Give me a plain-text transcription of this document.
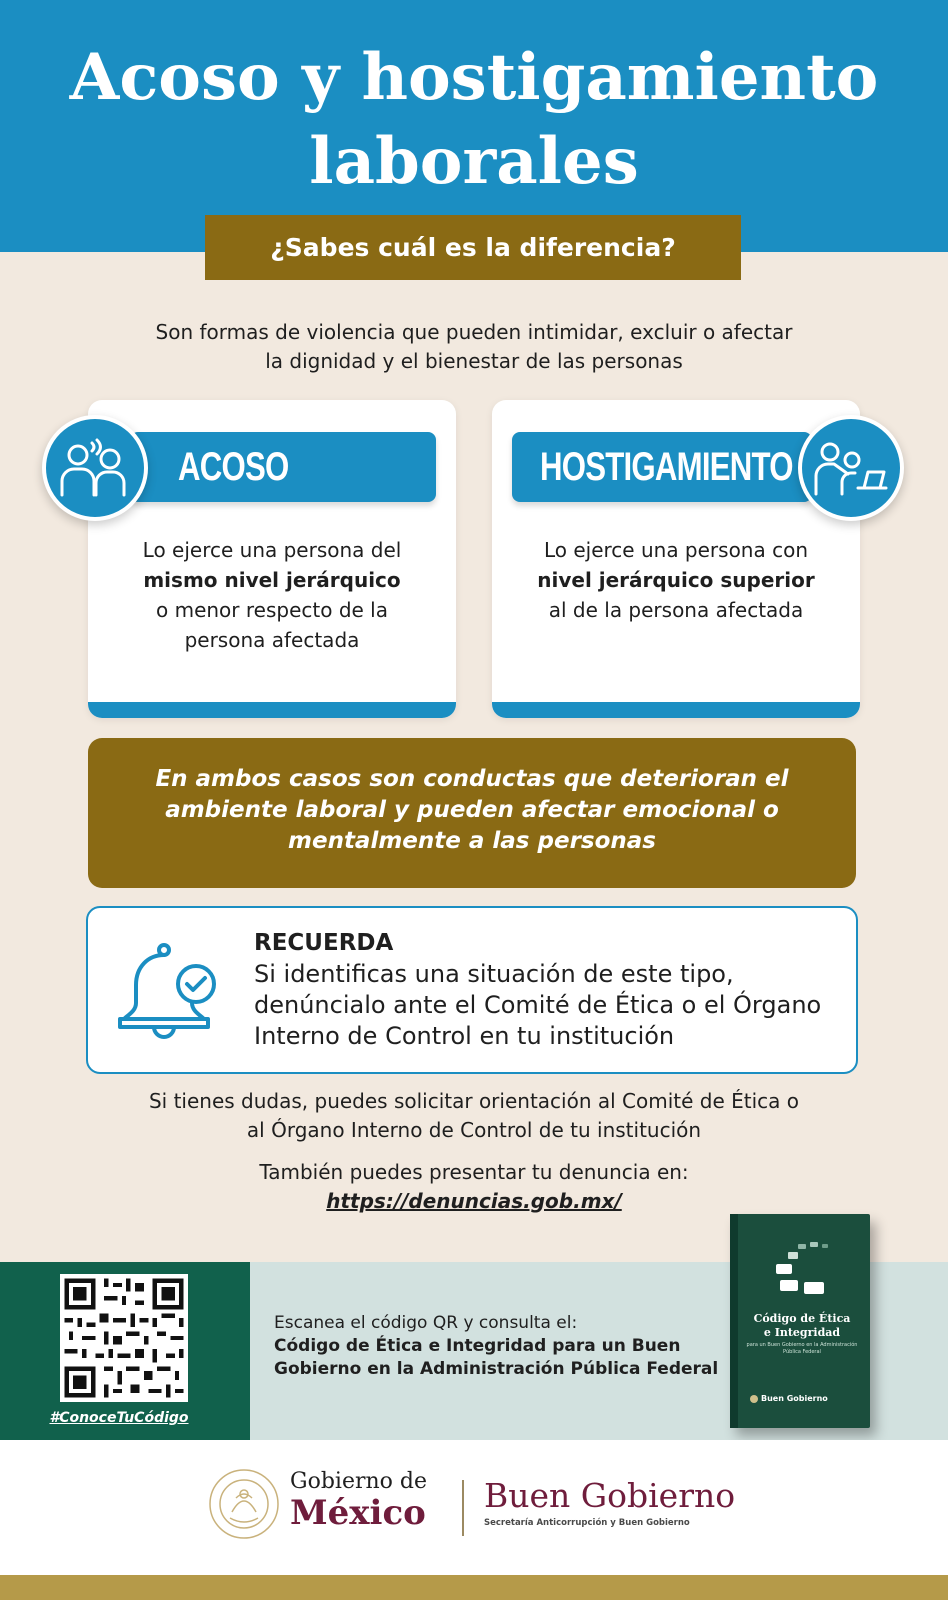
Acoso y hostigamiento
laborales
¿Sabes cuál es la diferencia?
Son formas de violencia que pueden intimidar, excluir o afectar
la dignidad y el bienestar de las personas
Lo ejerce una persona del
mismo nivel jerárquico
o menor respecto de la
persona afectada
ACOSO
Lo ejerce una persona con
nivel jerárquico superior
al de la persona afectada
HOSTIGAMIENTO
En ambos casos son conductas que deterioran el
ambiente laboral y pueden afectar emocional o
mentalmente a las personas
RECUERDA
Si identificas una situación de este tipo,
denúncialo ante el Comité de Ética o el Órgano
Interno de Control en tu institución
Si tienes dudas, puedes solicitar orientación al Comité de Ética o
al Órgano Interno de Control de tu institución
También puedes presentar tu denuncia en:
https://denuncias.gob.mx/
#ConoceTuCódigo
Escanea el código QR y consulta el:
Código de Ética e Integridad para un Buen
Gobierno en la Administración Pública Federal
Código de Ética
e Integridad
para un Buen Gobierno en la Administración Pública Federal
Buen Gobierno
Gobierno de
México Buen Gobierno
Secretaría Anticorrupción y Buen Gobierno
